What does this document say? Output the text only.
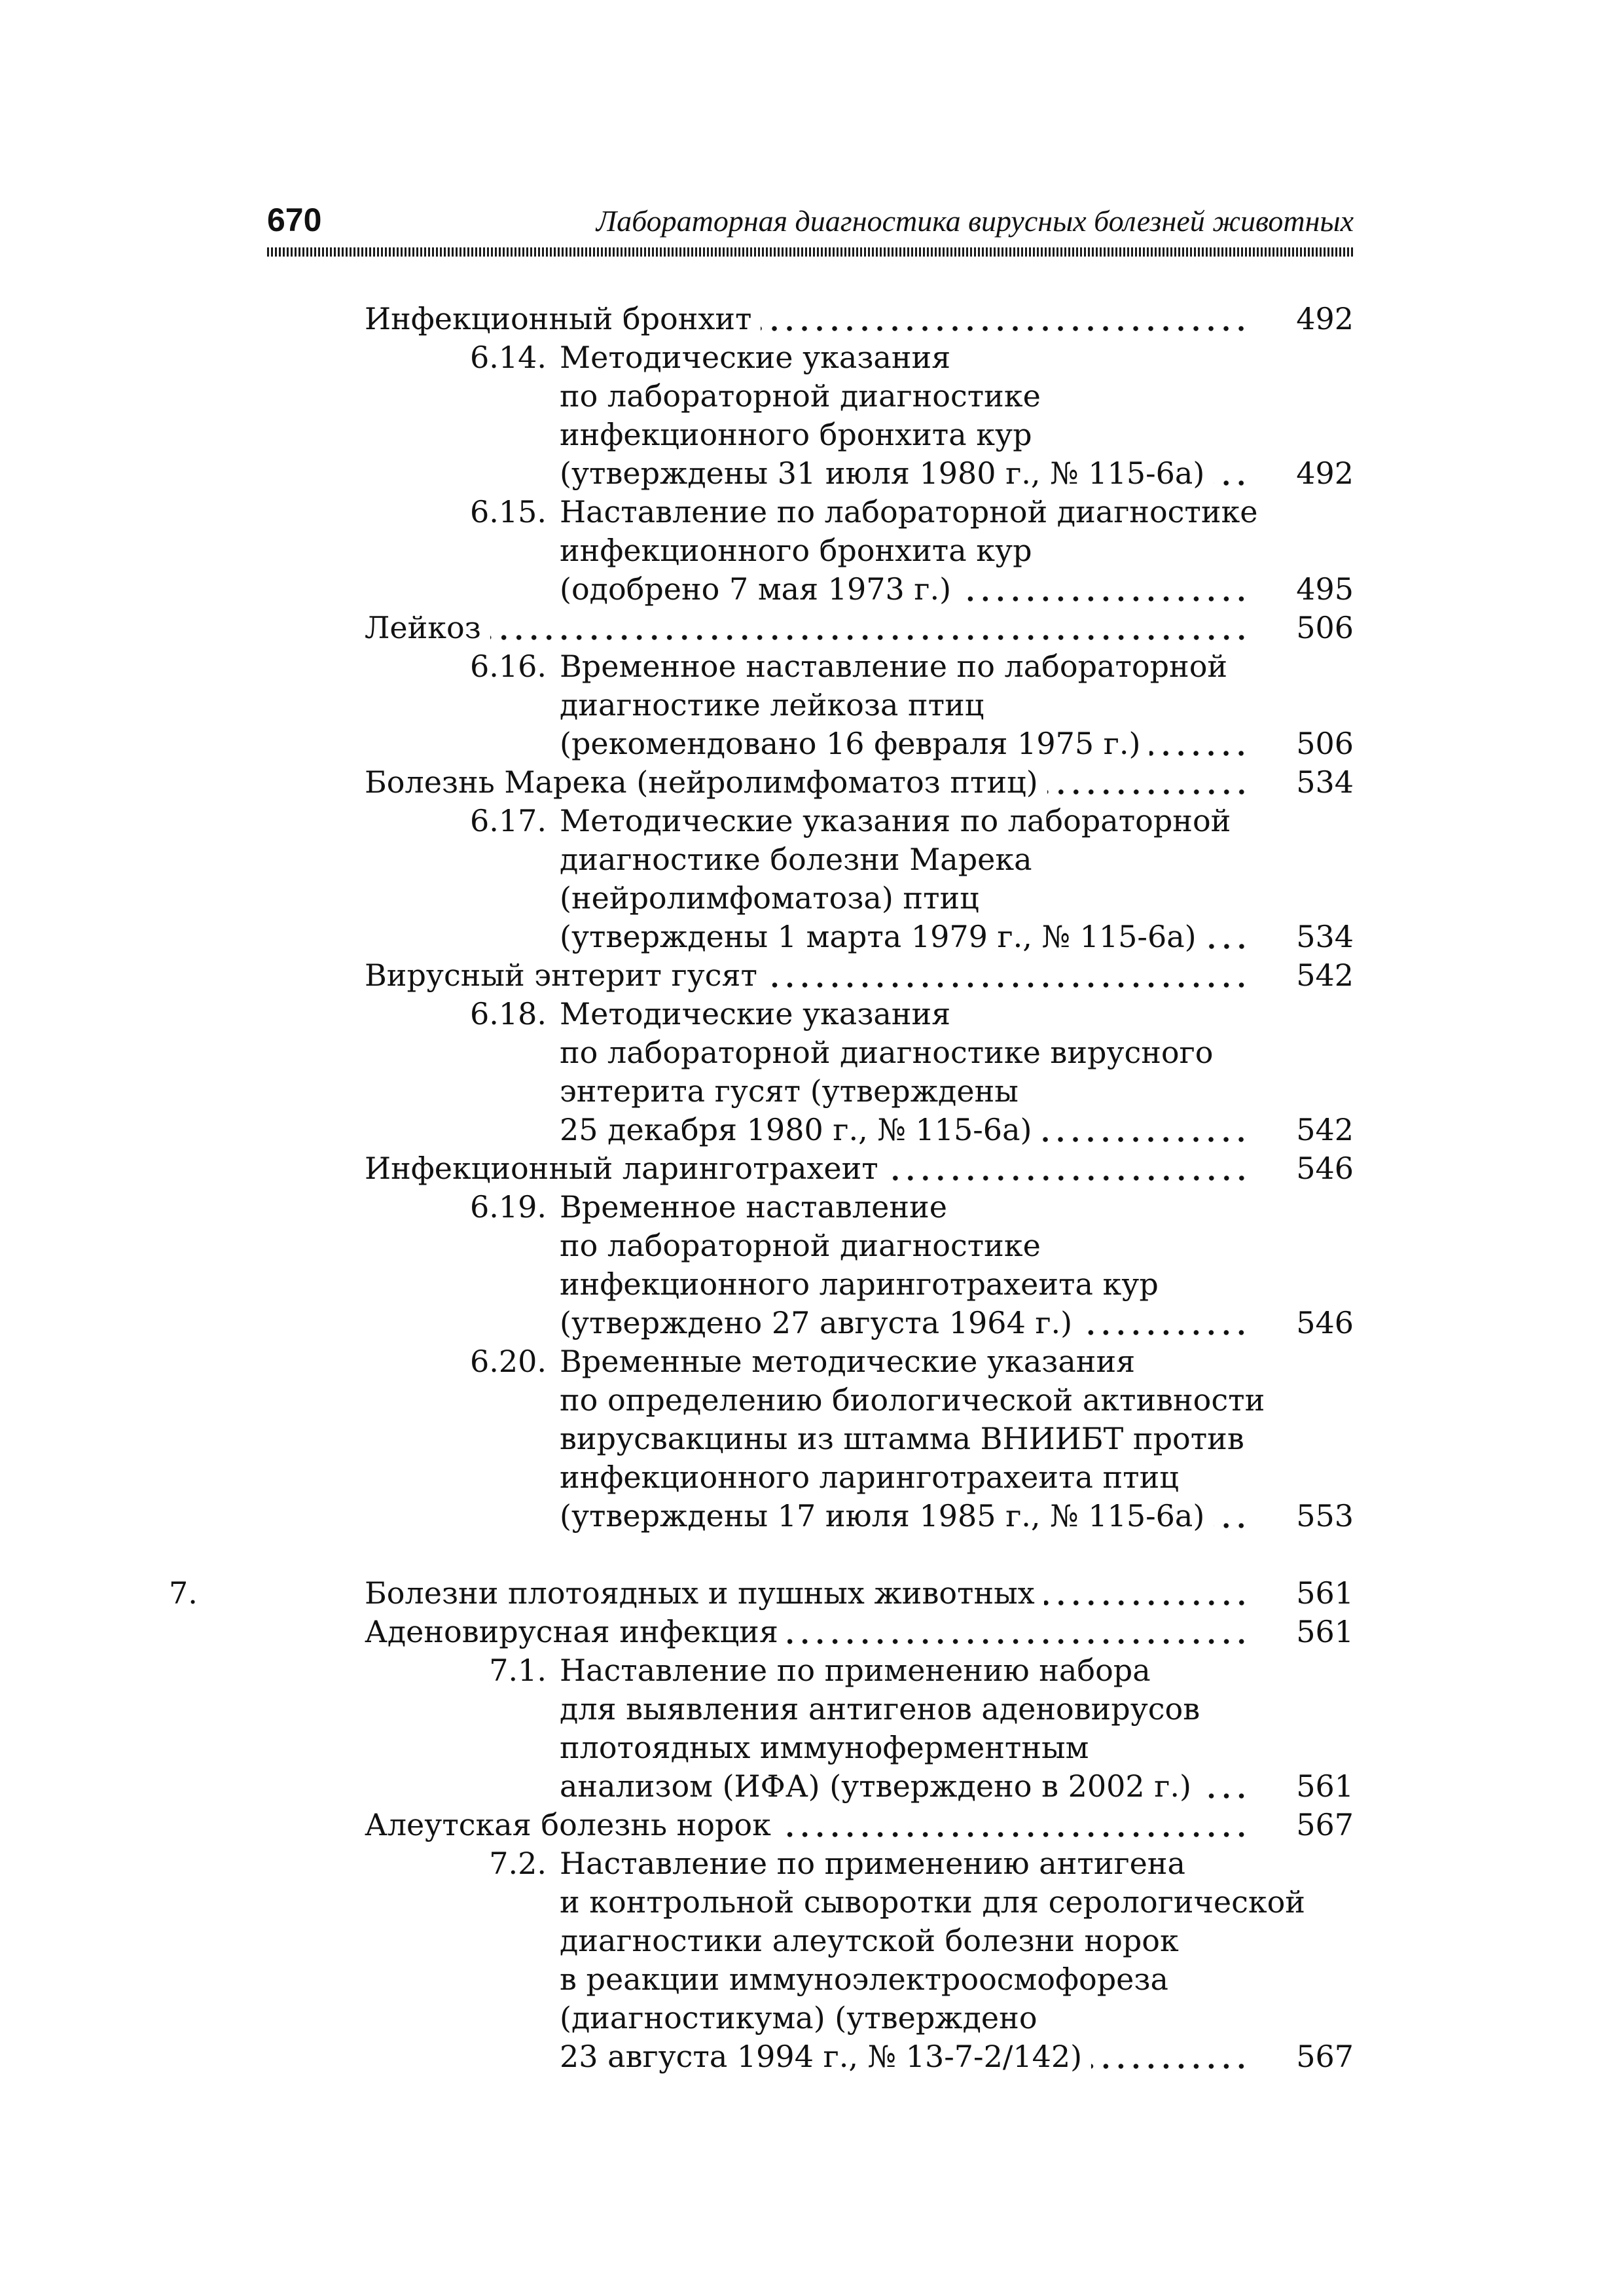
670	Лабораторная диагностика вирусных болезней животных
Инфекционный бронхит	492
6.14. Методические указания
по лабораторной диагностике
инфекционного бронхита кур
(утверждены 31 июля 1980 г., № 115-6а)	492
6.15. Наставление по лабораторной диагностике
инфекционного бронхита кур
(одобрено 7 мая 1973 г.)	495
Лейкоз	506
6.16. Временное наставление по лабораторной
диагностике лейкоза птиц
(рекомендовано 16 февраля 1975 г.)	506
Болезнь Марека (нейролимфоматоз птиц)	534
6.17. Методические указания по лабораторной
диагностике болезни Марека
(нейролимфоматоза) птиц
(утверждены 1 марта 1979 г., № 115-6а)	534
Вирусный энтерит гусят	542
6.18. Методические указания
по лабораторной диагностике вирусного
энтерита гусят (утверждены
25 декабря 1980 г., № 115-6а)	542
Инфекционный ларинготрахеит	546
6.19. Временное наставление
по лабораторной диагностике
инфекционного ларинготрахеита кур
(утверждено 27 августа 1964 г.)	546
6.20. Временные методические указания
по определению биологической активности
вирусвакцины из штамма ВНИИБТ против
инфекционного ларинготрахеита птиц
(утверждены 17 июля 1985 г., № 115-6а)	553
7.	Болезни плотоядных и пушных животных	561
Аденовирусная инфекция	561
7.1. Наставление по применению набора
для выявления антигенов аденовирусов
плотоядных иммуноферментным
анализом (ИФА) (утверждено в 2002 г.)	561
Алеутская болезнь норок	567
7.2. Наставление по применению антигена
и контрольной сыворотки для серологической
диагностики алеутской болезни норок
в реакции иммуноэлектроосмофореза
(диагностикума) (утверждено
23 августа 1994 г., № 13-7-2/142)	567
